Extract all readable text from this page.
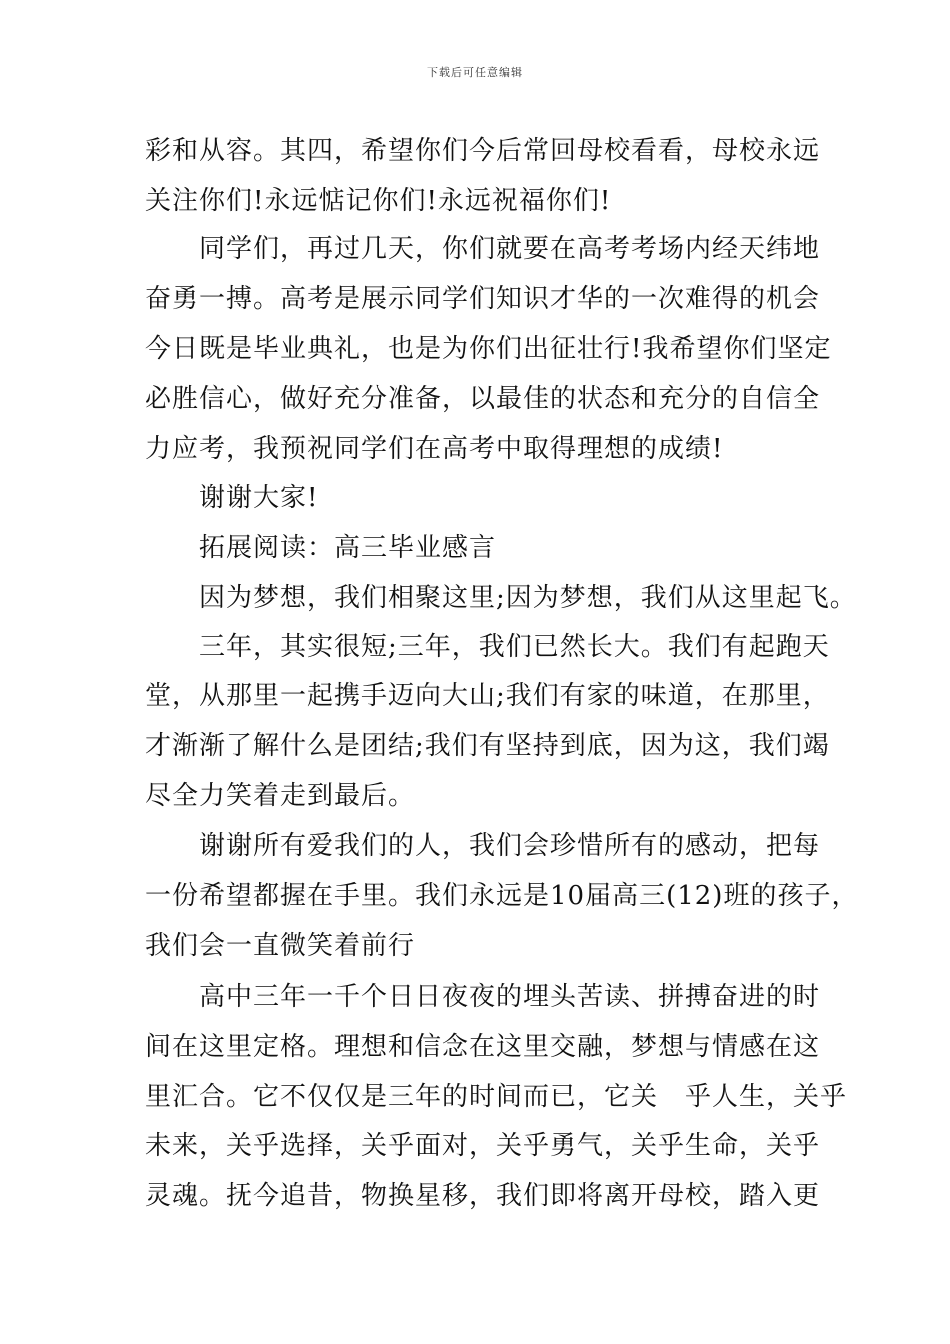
下载后可任意编辑
彩和从容。其四，希望你们今后常回母校看看，母校永远
关注你们!永远惦记你们!永远祝福你们!
　　同学们，再过几天，你们就要在高考考场内经天纬地
奋勇一搏。高考是展示同学们知识才华的一次难得的机会
今日既是毕业典礼，也是为你们出征壮行!我希望你们坚定
必胜信心，做好充分准备，以最佳的状态和充分的自信全
力应考，我预祝同学们在高考中取得理想的成绩!
　　谢谢大家!
　　拓展阅读：高三毕业感言
　　因为梦想，我们相聚这里;因为梦想，我们从这里起飞。
　　三年，其实很短;三年，我们已然长大。我们有起跑天
堂，从那里一起携手迈向大山;我们有家的味道，在那里，
才渐渐了解什么是团结;我们有坚持到底，因为这，我们竭
尽全力笑着走到最后。
　　谢谢所有爱我们的人，我们会珍惜所有的感动，把每
一份希望都握在手里。我们永远是10届高三(12)班的孩子，
我们会一直微笑着前行
　　高中三年一千个日日夜夜的埋头苦读、拼搏奋进的时
间在这里定格。理想和信念在这里交融，梦想与情感在这
里汇合。它不仅仅是三年的时间而已，它关　乎人生，关乎
未来，关乎选择，关乎面对，关乎勇气，关乎生命，关乎
灵魂。抚今追昔，物换星移，我们即将离开母校，踏入更
